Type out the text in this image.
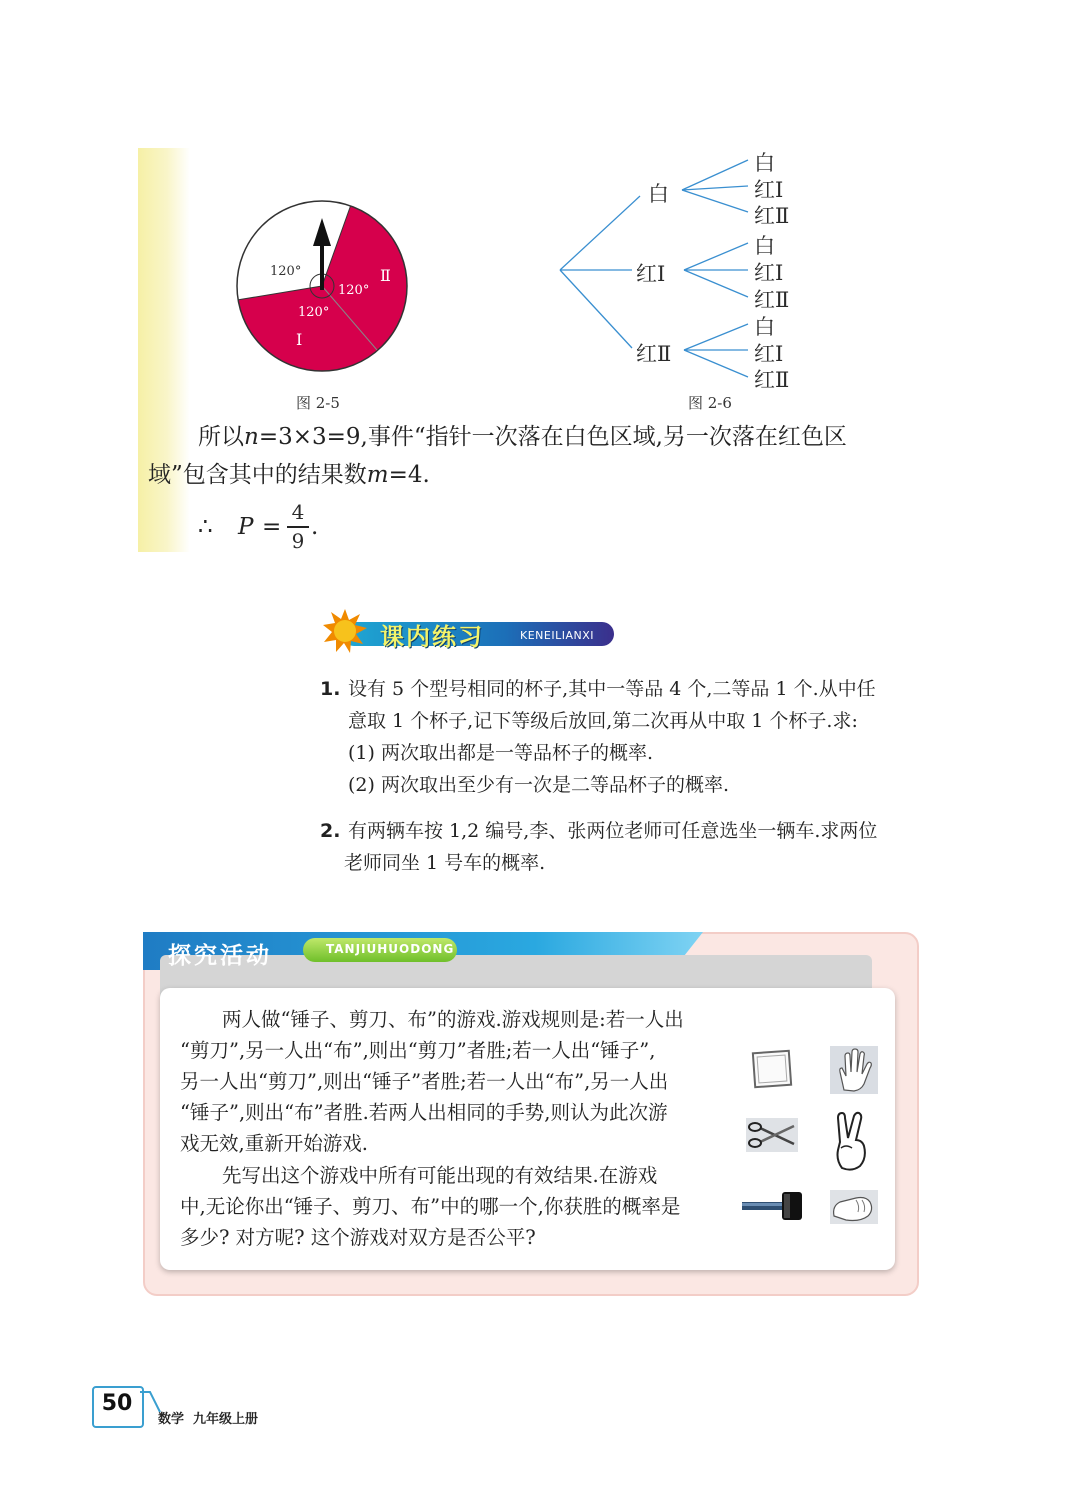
120°
120°
120°
Ⅱ
Ⅰ
图 2-5
白
红Ⅰ
红Ⅱ
白
红Ⅰ
红Ⅱ
白
红Ⅰ
红Ⅱ
白
红Ⅰ
红Ⅱ
图 2-6
所以n=3×3=9,事件“指针一次落在白色区域,另一次落在红色区
域”包含其中的结果数m=4.
∴ P =
4
9
.
课内练习	KENEILIANXI
1. 设有 5 个型号相同的杯子,其中一等品 4 个,二等品 1 个.从中任
意取 1 个杯子,记下等级后放回,第二次再从中取 1 个杯子.求:
(1) 两次取出都是一等品杯子的概率.
(2) 两次取出至少有一次是二等品杯子的概率.
2. 有两辆车按 1,2 编号,李、张两位老师可任意选坐一辆车.求两位
老师同坐 1 号车的概率.
探究活动	TANJIUHUODONG
两人做“锤子、剪刀、布”的游戏.游戏规则是:若一人出
“剪刀”,另一人出“布”,则出“剪刀”者胜;若一人出“锤子”,
另一人出“剪刀”,则出“锤子”者胜;若一人出“布”,另一人出
“锤子”,则出“布”者胜.若两人出相同的手势,则认为此次游
戏无效,重新开始游戏.
先写出这个游戏中所有可能出现的有效结果.在游戏
中,无论你出“锤子、剪刀、布”中的哪一个,你获胜的概率是
多少? 对方呢? 这个游戏对双方是否公平?
50
数学  九年级上册
